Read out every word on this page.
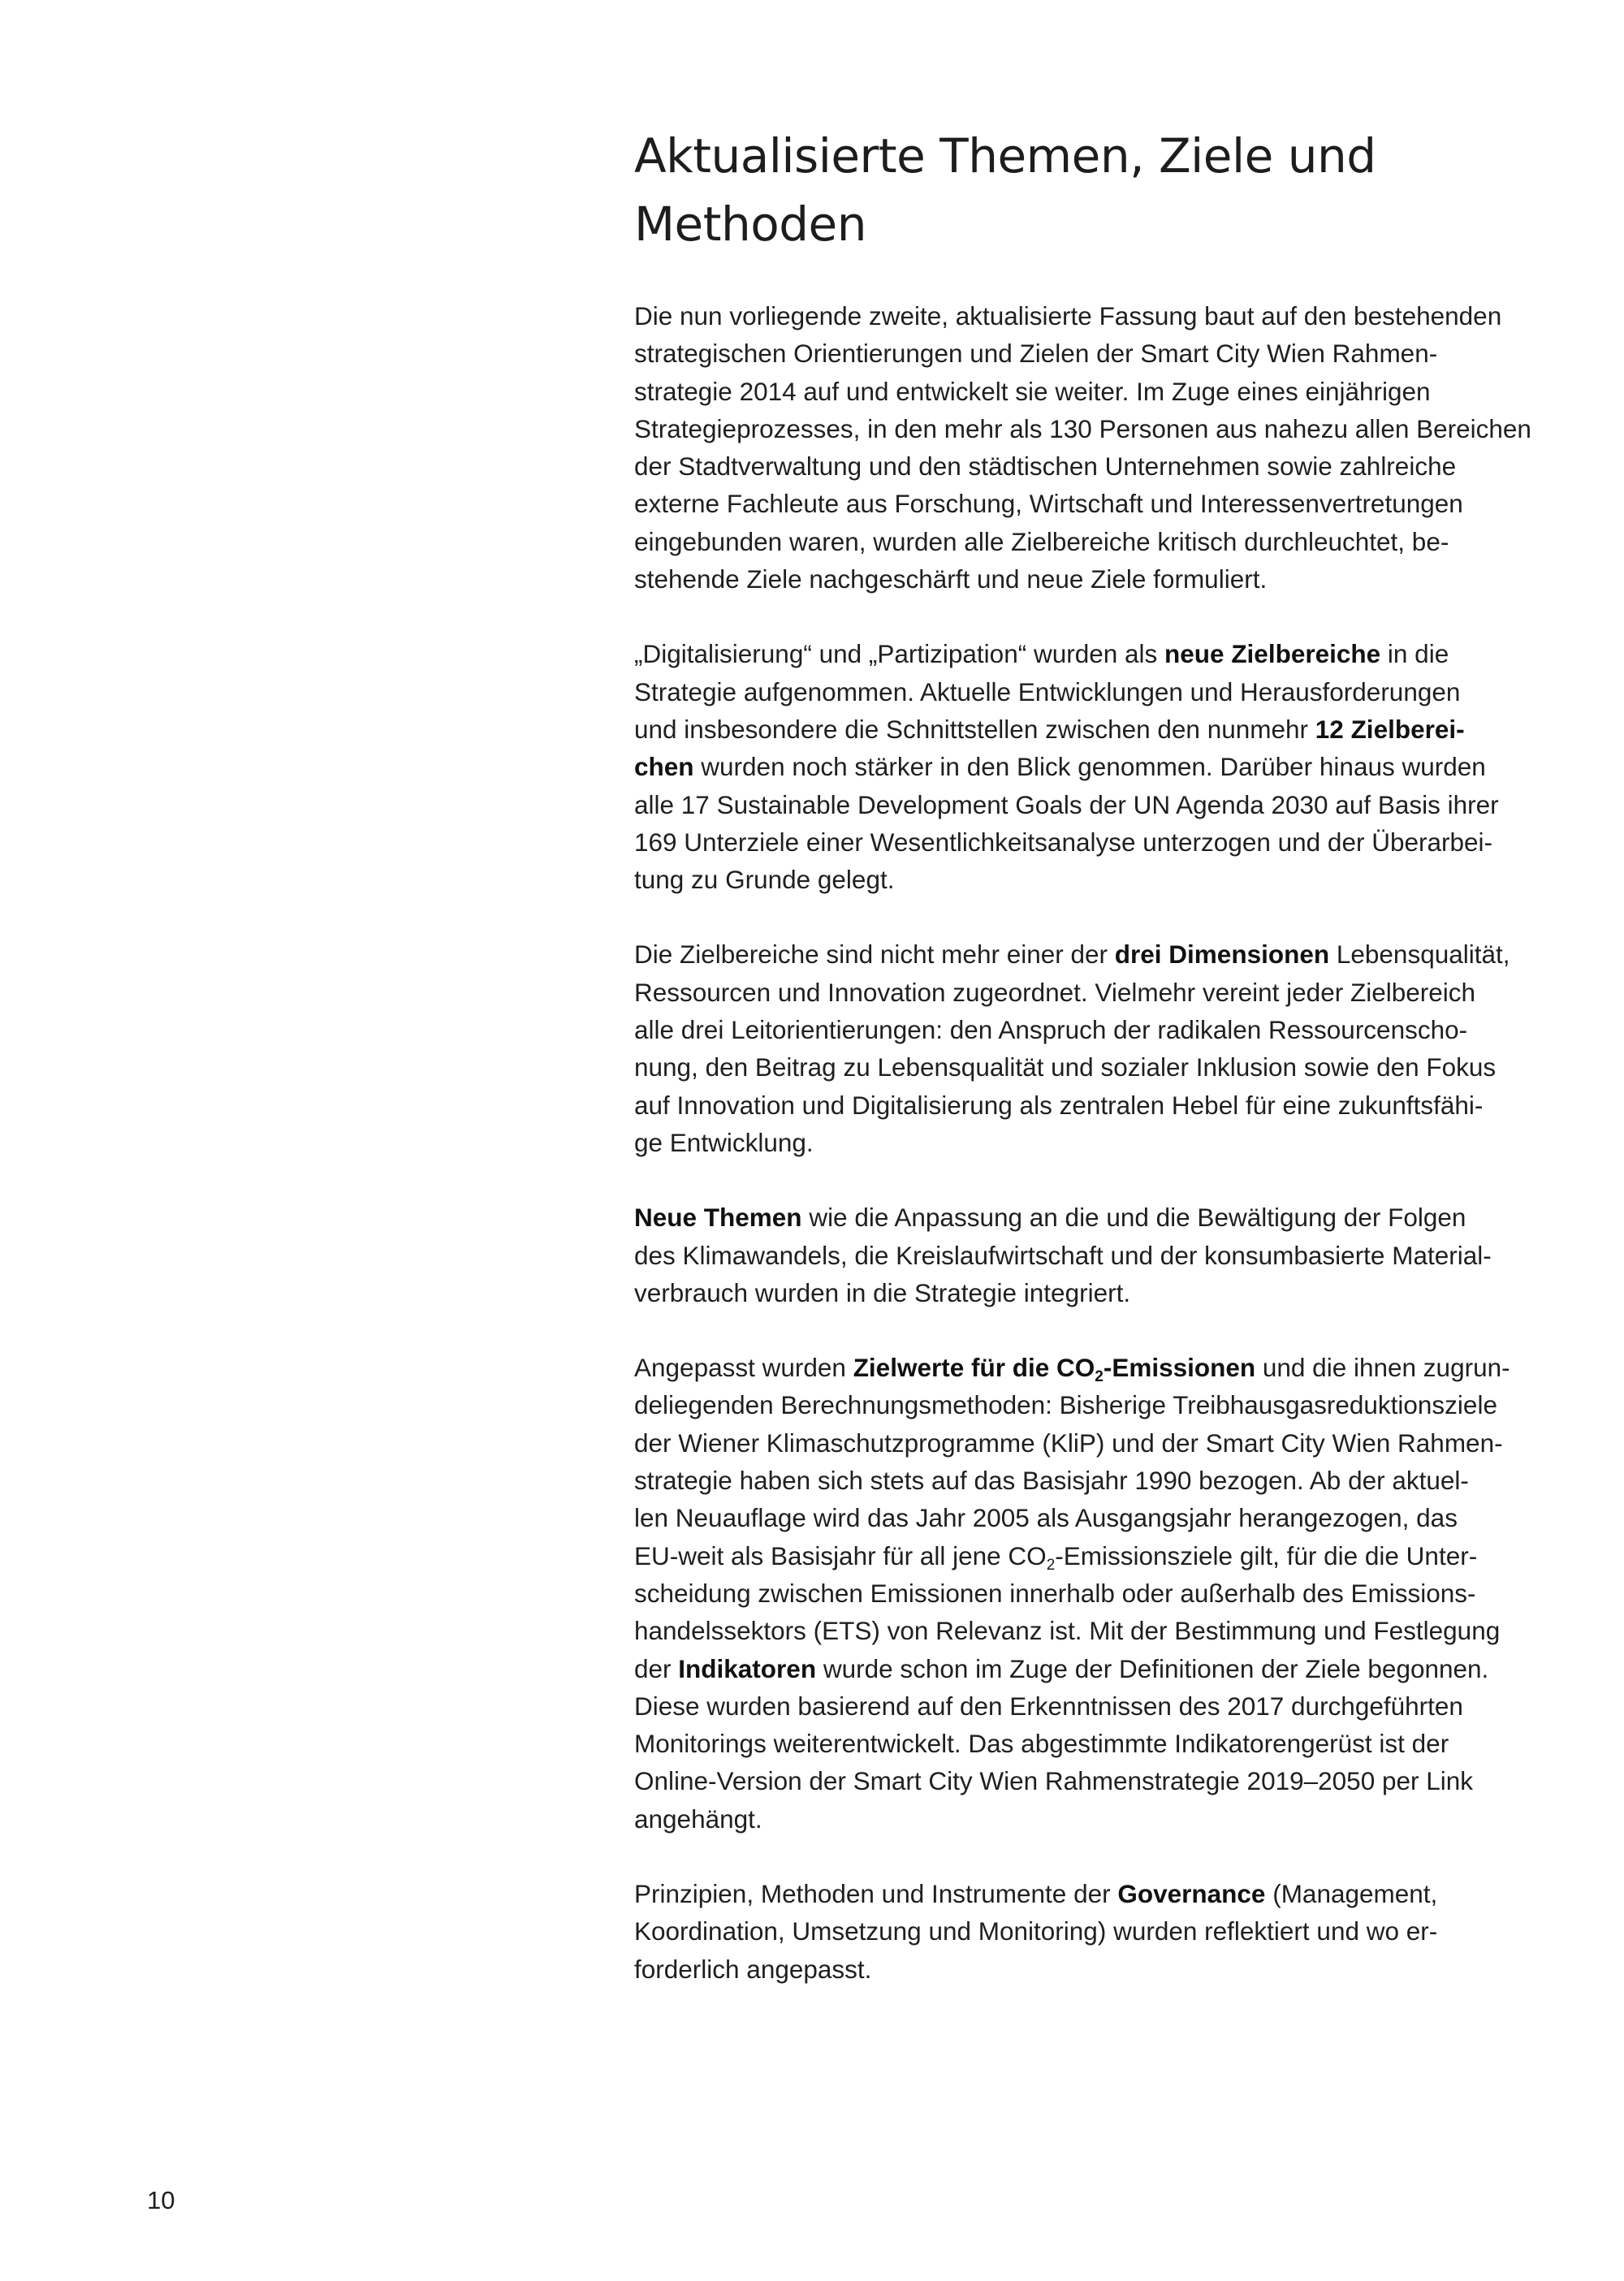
Aktualisierte Themen, Ziele und
Methoden

Die nun vorliegende zweite, aktualisierte Fassung baut auf den bestehenden
strategischen Orientierungen und Zielen der Smart City Wien Rahmen-
strategie 2014 auf und entwickelt sie weiter. Im Zuge eines einjährigen
Strategieprozesses, in den mehr als 130 Personen aus nahezu allen Bereichen
der Stadtverwaltung und den städtischen Unternehmen sowie zahlreiche
externe Fachleute aus Forschung, Wirtschaft und Interessenvertretungen
eingebunden waren, wurden alle Zielbereiche kritisch durchleuchtet, be-
stehende Ziele nachgeschärft und neue Ziele formuliert.

„Digitalisierung“ und „Partizipation“ wurden als neue Zielbereiche in die
Strategie aufgenommen. Aktuelle Entwicklungen und Herausforderungen
und insbesondere die Schnittstellen zwischen den nunmehr 12 Zielberei-
chen wurden noch stärker in den Blick genommen. Darüber hinaus wurden
alle 17 Sustainable Development Goals der UN Agenda 2030 auf Basis ihrer
169 Unterziele einer Wesentlichkeitsanalyse unterzogen und der Überarbei-
tung zu Grunde gelegt.

Die Zielbereiche sind nicht mehr einer der drei Dimensionen Lebensqualität,
Ressourcen und Innovation zugeordnet. Vielmehr vereint jeder Zielbereich
alle drei Leitorientierungen: den Anspruch der radikalen Ressourcenscho-
nung, den Beitrag zu Lebensqualität und sozialer Inklusion sowie den Fokus
auf Innovation und Digitalisierung als zentralen Hebel für eine zukunftsfähi-
ge Entwicklung.

Neue Themen wie die Anpassung an die und die Bewältigung der Folgen
des Klimawandels, die Kreislaufwirtschaft und der konsumbasierte Material-
verbrauch wurden in die Strategie integriert.

Angepasst wurden Zielwerte für die $CO_2$-Emissionen und die ihnen zugrun-
deliegenden Berechnungsmethoden: Bisherige Treibhausgasreduktionsziele
der Wiener Klimaschutzprogramme (KliP) und der Smart City Wien Rahmen-
strategie haben sich stets auf das Basisjahr 1990 bezogen. Ab der aktuel-
len Neuauflage wird das Jahr 2005 als Ausgangsjahr herangezogen, das
EU-weit als Basisjahr für all jene $CO_2$-Emissionsziele gilt, für die die Unter-
scheidung zwischen Emissionen innerhalb oder außerhalb des Emissions-
handelssektors (ETS) von Relevanz ist. Mit der Bestimmung und Festlegung
der Indikatoren wurde schon im Zuge der Definitionen der Ziele begonnen.
Diese wurden basierend auf den Erkenntnissen des 2017 durchgeführten
Monitorings weiterentwickelt. Das abgestimmte Indikatorengerüst ist der
Online-Version der Smart City Wien Rahmenstrategie 2019–2050 per Link
angehängt.

Prinzipien, Methoden und Instrumente der Governance (Management,
Koordination, Umsetzung und Monitoring) wurden reflektiert und wo er-
forderlich angepasst.

10
